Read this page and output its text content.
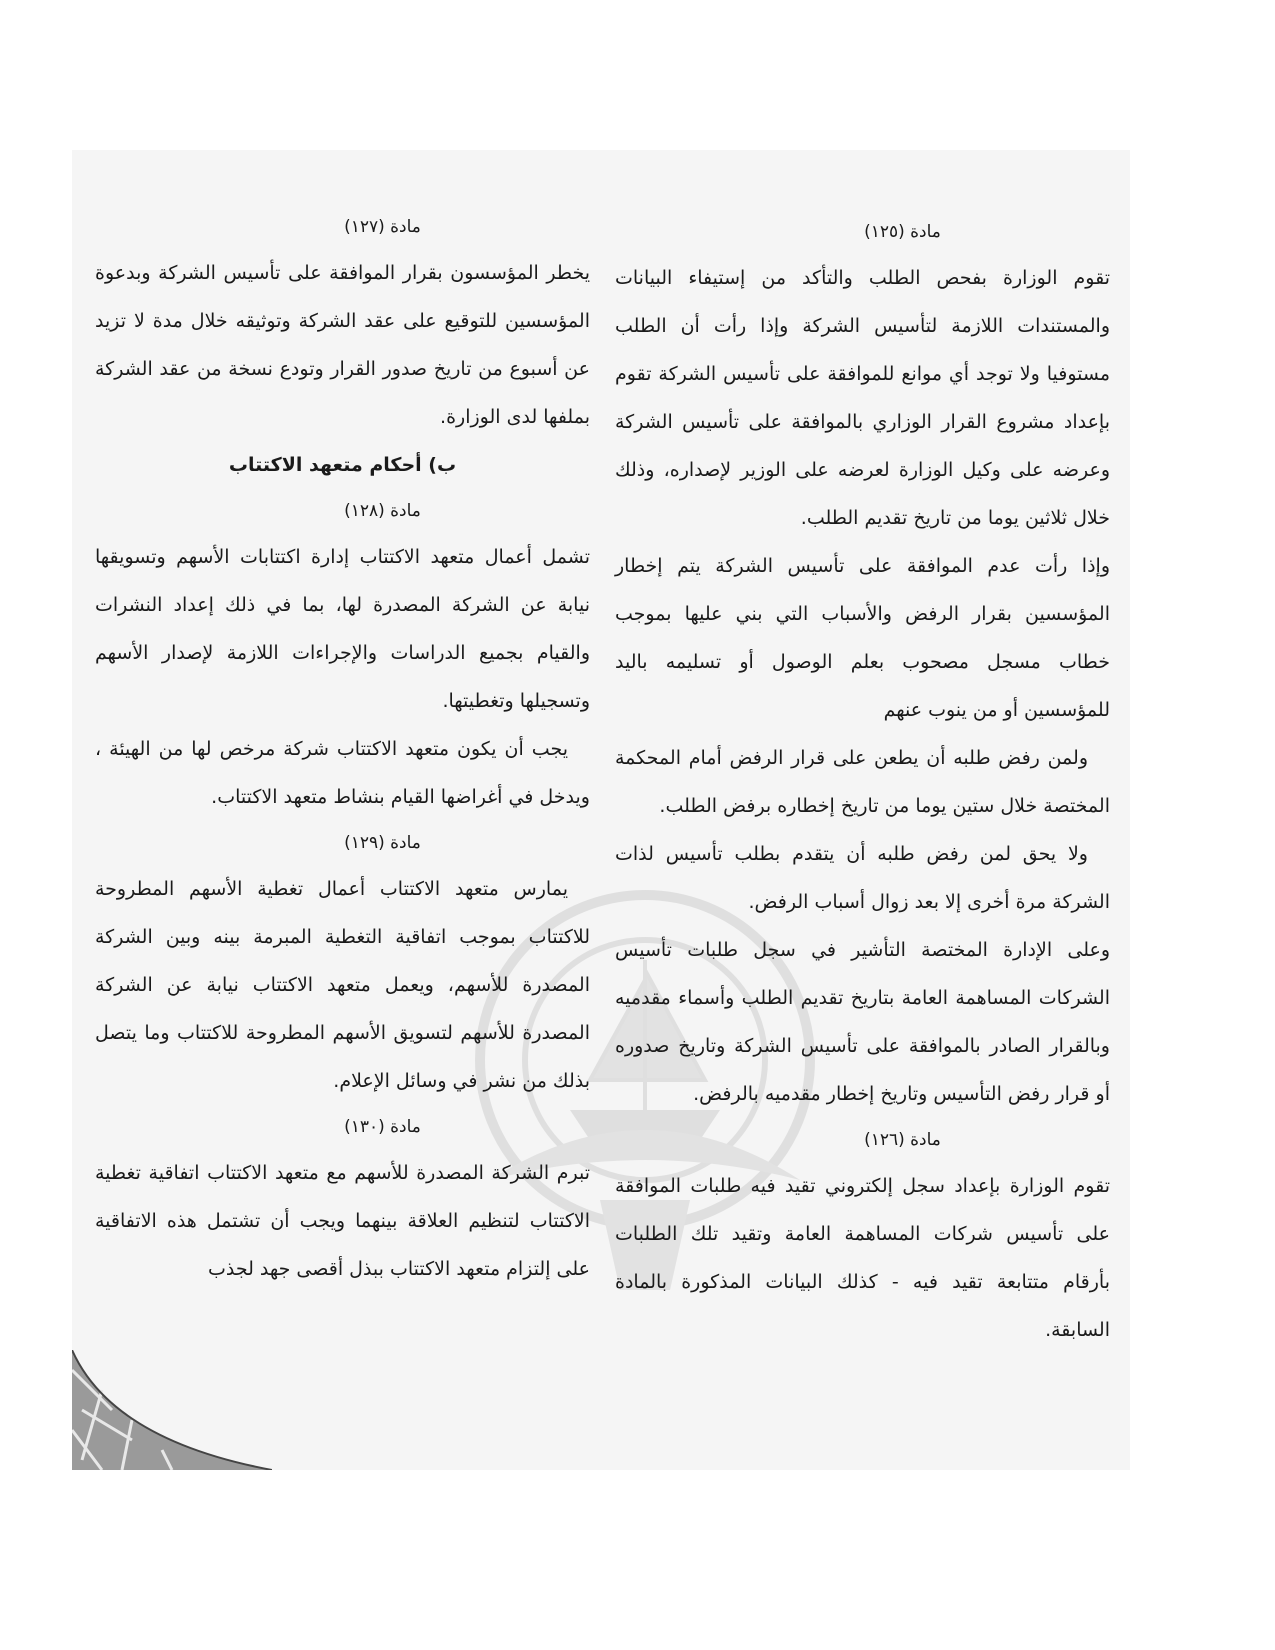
مادة (١٢٥)

تقوم الوزارة بفحص الطلب والتأكد من إستيفاء البيانات والمستندات اللازمة لتأسيس الشركة وإذا رأت أن الطلب مستوفيا ولا توجد أي موانع للموافقة على تأسيس الشركة تقوم بإعداد مشروع القرار الوزاري بالموافقة على تأسيس الشركة وعرضه على وكيل الوزارة لعرضه على الوزير لإصداره، وذلك خلال ثلاثين يوما من تاريخ تقديم الطلب.

وإذا رأت عدم الموافقة على تأسيس الشركة يتم إخطار المؤسسين بقرار الرفض والأسباب التي بني عليها بموجب خطاب مسجل مصحوب بعلم الوصول أو تسليمه باليد للمؤسسين أو من ينوب عنهم

ولمن رفض طلبه أن يطعن على قرار الرفض أمام المحكمة المختصة خلال ستين يوما من تاريخ إخطاره برفض الطلب.

ولا يحق لمن رفض طلبه أن يتقدم بطلب تأسيس لذات الشركة مرة أخرى إلا بعد زوال أسباب الرفض.

وعلى الإدارة المختصة التأشير في سجل طلبات تأسيس الشركات المساهمة العامة بتاريخ تقديم الطلب وأسماء مقدميه وبالقرار الصادر بالموافقة على تأسيس الشركة وتاريخ صدوره أو قرار رفض التأسيس وتاريخ إخطار مقدميه بالرفض.

مادة (١٢٦)

تقوم الوزارة بإعداد سجل إلكتروني تقيد فيه طلبات الموافقة على تأسيس شركات المساهمة العامة وتقيد تلك الطلبات بأرقام متتابعة تقيد فيه - كذلك البيانات المذكورة بالمادة السابقة.

مادة (١٢٧)

يخطر المؤسسون بقرار الموافقة على تأسيس الشركة وبدعوة المؤسسين للتوقيع على عقد الشركة وتوثيقه خلال مدة لا تزيد عن أسبوع من تاريخ صدور القرار وتودع نسخة من عقد الشركة بملفها لدى الوزارة.

ب) أحكام متعهد الاكتتاب

مادة (١٢٨)

تشمل أعمال متعهد الاكتتاب إدارة اكتتابات الأسهم وتسويقها نيابة عن الشركة المصدرة لها، بما في ذلك إعداد النشرات والقيام بجميع الدراسات والإجراءات اللازمة لإصدار الأسهم وتسجيلها وتغطيتها.

يجب أن يكون متعهد الاكتتاب شركة مرخص لها من الهيئة ، ويدخل في أغراضها القيام بنشاط متعهد الاكتتاب.

مادة (١٢٩)

يمارس متعهد الاكتتاب أعمال تغطية الأسهم المطروحة للاكتتاب بموجب اتفاقية التغطية المبرمة بينه وبين الشركة المصدرة للأسهم، ويعمل متعهد الاكتتاب نيابة عن الشركة المصدرة للأسهم لتسويق الأسهم المطروحة للاكتتاب وما يتصل بذلك من نشر في وسائل الإعلام.

مادة (١٣٠)

تبرم الشركة المصدرة للأسهم مع متعهد الاكتتاب اتفاقية تغطية الاكتتاب لتنظيم العلاقة بينهما ويجب أن تشتمل هذه الاتفاقية على إلتزام متعهد الاكتتاب ببذل أقصى جهد لجذب
